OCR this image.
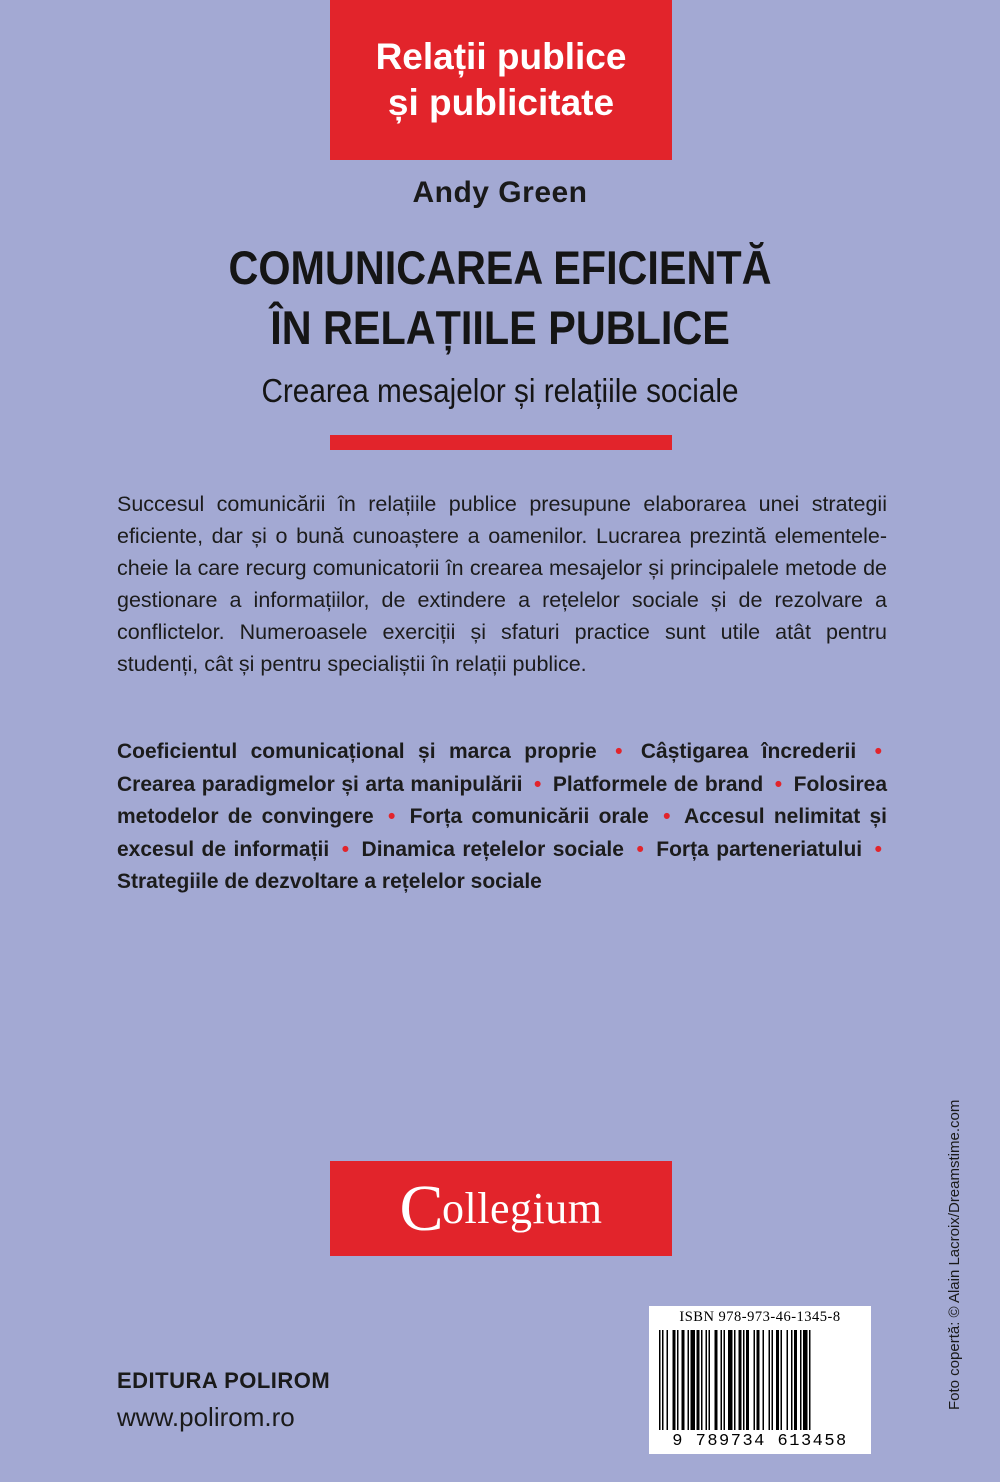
Relații publice
și publicitate
Andy Green
COMUNICAREA EFICIENTĂ
ÎN RELAȚIILE PUBLICE
Crearea mesajelor și relațiile sociale

Succesul comunicării în relațiile publice presupune elaborarea unei strategii eficiente, dar și o bună cunoaștere a oamenilor. Lucrarea prezintă elementele-cheie la care recurg comunicatorii în crearea mesajelor și principalele metode de gestionare a informațiilor, de extindere a rețelelor sociale și de rezolvare a conflictelor. Numeroasele exerciții și sfaturi practice sunt utile atât pentru studenți, cât și pentru specialiștii în relații publice.

Coeficientul comunicațional și marca proprie • Câștigarea încrederii • Crearea paradigmelor și arta manipulării • Platformele de brand • Folosirea metodelor de convingere • Forța comunicării orale • Accesul nelimitat și excesul de informații • Dinamica rețelelor sociale • Forța parteneriatului • Strategiile de dezvoltare a rețelelor sociale

C
ollegium
EDITURA POLIROM
www.polirom.ro
ISBN 978-973-46-1345-8
9 789734 613458
Foto copertă: © Alain Lacroix/Dreamstime.com
